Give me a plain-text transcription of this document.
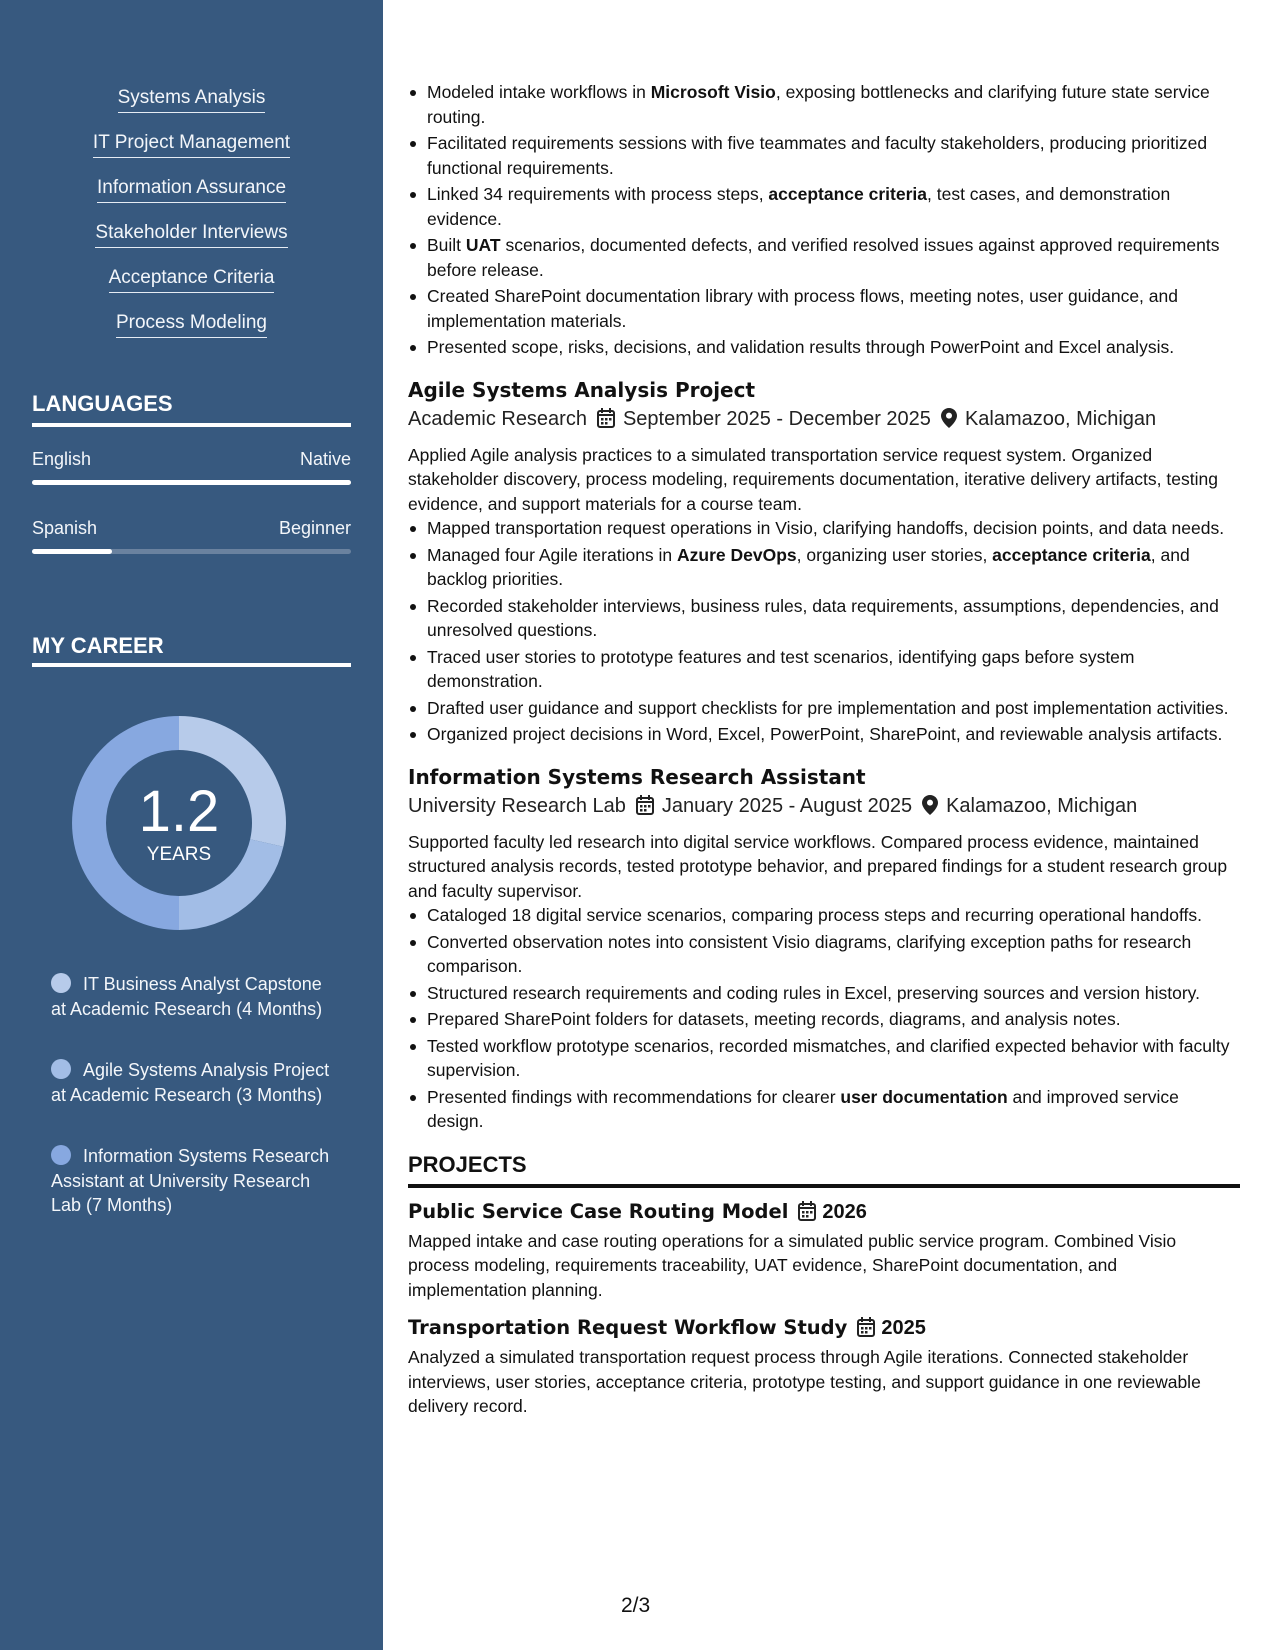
Systems Analysis
IT Project Management
Information Assurance
Stakeholder Interviews
Acceptance Criteria
Process Modeling
LANGUAGES
English	Native
Spanish	Beginner
MY CAREER
1.2
YEARS
IT Business Analyst Capstone at Academic Research (4 Months)
Agile Systems Analysis Project at Academic Research (3 Months)
Information Systems Research Assistant at University Research Lab (7 Months)
Modeled intake workflows in Microsoft Visio, exposing bottlenecks and clarifying future state service routing.
Facilitated requirements sessions with five teammates and faculty stakeholders, producing prioritized functional requirements.
Linked 34 requirements with process steps, acceptance criteria, test cases, and demonstration evidence.
Built UAT scenarios, documented defects, and verified resolved issues against approved requirements before release.
Created SharePoint documentation library with process flows, meeting notes, user guidance, and implementation materials.
Presented scope, risks, decisions, and validation results through PowerPoint and Excel analysis.
Agile Systems Analysis Project
Academic Research September 2025 - December 2025 Kalamazoo, Michigan

Applied Agile analysis practices to a simulated transportation service request system. Organized stakeholder discovery, process modeling, requirements documentation, iterative delivery artifacts, testing evidence, and support materials for a course team.

Mapped transportation request operations in Visio, clarifying handoffs, decision points, and data needs.
Managed four Agile iterations in Azure DevOps, organizing user stories, acceptance criteria, and backlog priorities.
Recorded stakeholder interviews, business rules, data requirements, assumptions, dependencies, and unresolved questions.
Traced user stories to prototype features and test scenarios, identifying gaps before system demonstration.
Drafted user guidance and support checklists for pre implementation and post implementation activities.
Organized project decisions in Word, Excel, PowerPoint, SharePoint, and reviewable analysis artifacts.
Information Systems Research Assistant
University Research Lab January 2025 - August 2025 Kalamazoo, Michigan

Supported faculty led research into digital service workflows. Compared process evidence, maintained structured analysis records, tested prototype behavior, and prepared findings for a student research group and faculty supervisor.

Cataloged 18 digital service scenarios, comparing process steps and recurring operational handoffs.
Converted observation notes into consistent Visio diagrams, clarifying exception paths for research comparison.
Structured research requirements and coding rules in Excel, preserving sources and version history.
Prepared SharePoint folders for datasets, meeting records, diagrams, and analysis notes.
Tested workflow prototype scenarios, recorded mismatches, and clarified expected behavior with faculty supervision.
Presented findings with recommendations for clearer user documentation and improved service design.
PROJECTS
Public Service Case Routing Model 2026

Mapped intake and case routing operations for a simulated public service program. Combined Visio process modeling, requirements traceability, UAT evidence, SharePoint documentation, and implementation planning.

Transportation Request Workflow Study 2025

Analyzed a simulated transportation request process through Agile iterations. Connected stakeholder interviews, user stories, acceptance criteria, prototype testing, and support guidance in one reviewable delivery record.

2/3
